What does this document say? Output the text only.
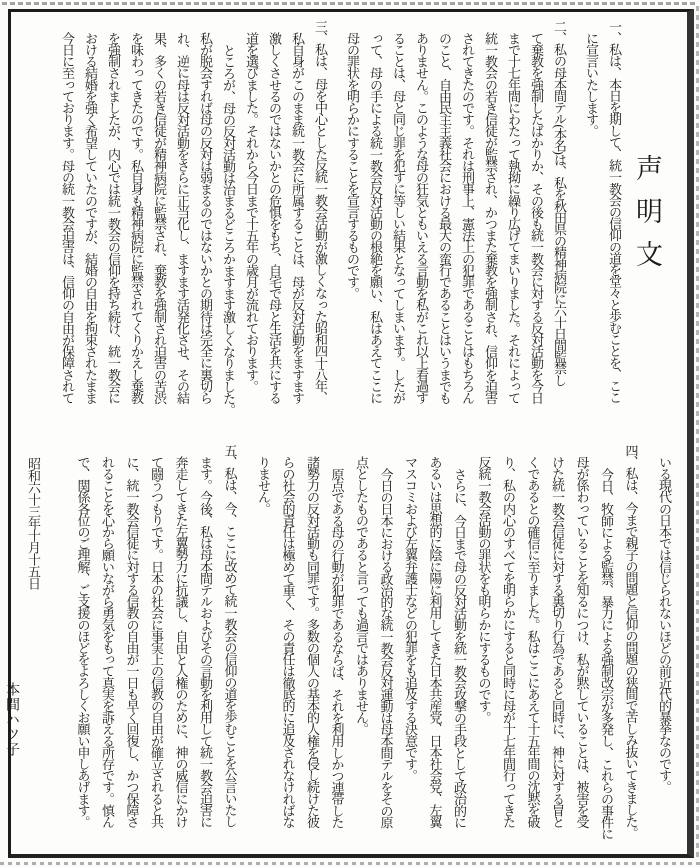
声明文
一、私は、本日を期して、統一教会の信仰の道を堂々と歩むことを、ここ
に宣言いたします。
二、私の母本間テル(本名)は、私を秋田県の精神病院に六十日間監禁し
て棄教を強制したばかりか、その後も統一教会に対する反対活動を今日
まで十七年間にわたって執拗に繰り広げてまいりました。それによって
統一教会の若き信徒が監禁され、かつまた棄教を強制され、信仰を迫害
されてきたのです。それは刑事上、憲法上の犯罪であることはもちろん
のこと、自由民主主義社会における最大の蛮行であることはいうまでも
ありません。このような母の狂気ともいえる言動を私がこれ以上看過す
ることは、母と同じ罪を犯すに等しい結果となってしまいます。したが
って、母の手による統一教会反対活動の根絶を願い、私はあえてここに
母の罪状を明らかにすることを宣言するものです。
三、私は、母を中心とした反統一教会活動が激しくなった昭和四十八年、
私自身がこのまま統一教会に所属することは、母が反対活動をますます
激しくさせるのではないかとの危惧をもち、自宅で母と生活を共にする
道を選びました。それから今日まで十五年の歳月が流れております。
ところが、母の反対活動は治まるどころかますます激しくなりました。
私が脱会すれば母の反対は弱まるのではないかとの期待は完全に裏切ら
れ、逆に母は反対活動をさらに正当化し、ますます活発化させ、その結
果、多くの若き信徒が精神病院に監禁され、棄教を強制され迫害の苦渋
を味わってきたのです。私自身も精神病院に監禁されてくりかえし棄教
を強制されましたが、内心では統一教会の信仰を持ち続け、統一教会に
おける結婚を強く希望していたのですが、結婚の自由を拘束されたまま
今日に至っております。母の統一教会迫害は、信仰の自由が保障されて
いる現代の日本では信じられないほどの前近代的暴挙なのです。
四、私は、今まで親子の問題と信仰の問題の狭間で苦しみ抜いてきました。
今日、牧師による監禁、暴力による強制改宗が多発し、これらの事件に
母が係わっていることを知るにつけ、私が黙していることは、被害を受
けた統一教会信徒に対する裏切り行為であると同時に、神に対する冒と
くであるとの確信に至りました。私はここにあえて十五年間の沈黙を破
り、私の内心のすべてを明らかにすると同時に母が十七年間行ってきた
反統一教会活動の罪状をも明らかにするものです。
さらに、今日まで母の反対活動を統一教会攻撃の手段として政治的に
あるいは思想的に陰に陽に利用してきた日本共産党、日本社会党、左翼
マスコミおよび左翼弁護士などの犯罪をも追及する決意です。
今日の日本における政治的な統一教会反対運動は母本間テルをその原
点としたものであると言っても過言ではありません。
原点である母の行動が犯罪であるならば、それを利用しかつ連帯した
諸勢力の反対活動も同罪です。多数の個人の基本的人権を侵し続けた彼
らの社会的責任は極めて重く、その責任は徹底的に追及されなければな
りません。
五、私は、今、ここに改めて統一教会の信仰の道を歩むことを公言いたし
ます。今後、私は母本間テルおよびその言動を利用して統一教会迫害に
奔走してきた左翼勢力に抗議し、自由と人権のために、神の威信にかけ
て闘うつもりです。日本の社会に事実上の信教の自由が確立されると共
に、統一教会信徒に対する信教の自由が一日も早く回復し、かつ保障さ
れることを心から願いながら勇気をもって真実を訴える所存です。慎ん
で、関係各位のご理解、ご支援のほどをよろしくお願い申しあげます。
昭和六十三年十月十五日
本間ハツ子
